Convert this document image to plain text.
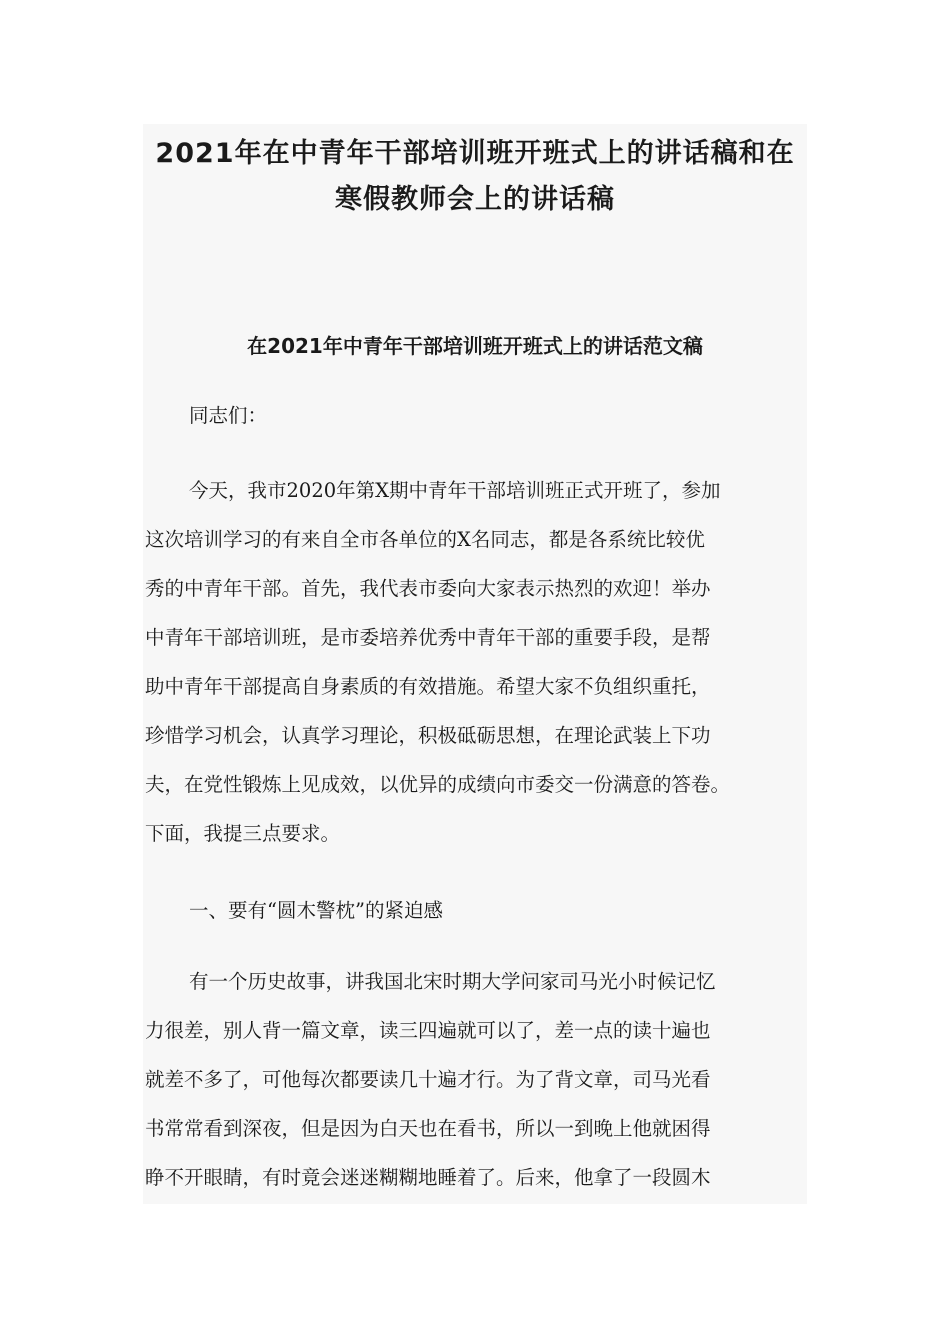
2021年在中青年干部培训班开班式上的讲话稿和在
寒假教师会上的讲话稿
在2021年中青年干部培训班开班式上的讲话范文稿

同志们：

今天，我市2020年第X期中青年干部培训班正式开班了，参加
这次培训学习的有来自全市各单位的X名同志，都是各系统比较优
秀的中青年干部。首先，我代表市委向大家表示热烈的欢迎！举办
中青年干部培训班，是市委培养优秀中青年干部的重要手段，是帮
助中青年干部提高自身素质的有效措施。希望大家不负组织重托，
珍惜学习机会，认真学习理论，积极砥砺思想，在理论武装上下功
夫，在党性锻炼上见成效，以优异的成绩向市委交一份满意的答卷。
下面，我提三点要求。

一、要有“圆木警枕”的紧迫感

有一个历史故事，讲我国北宋时期大学问家司马光小时候记忆
力很差，别人背一篇文章，读三四遍就可以了，差一点的读十遍也
就差不多了，可他每次都要读几十遍才行。为了背文章，司马光看
书常常看到深夜，但是因为白天也在看书，所以一到晚上他就困得
睁不开眼睛，有时竟会迷迷糊糊地睡着了。后来，他拿了一段圆木
